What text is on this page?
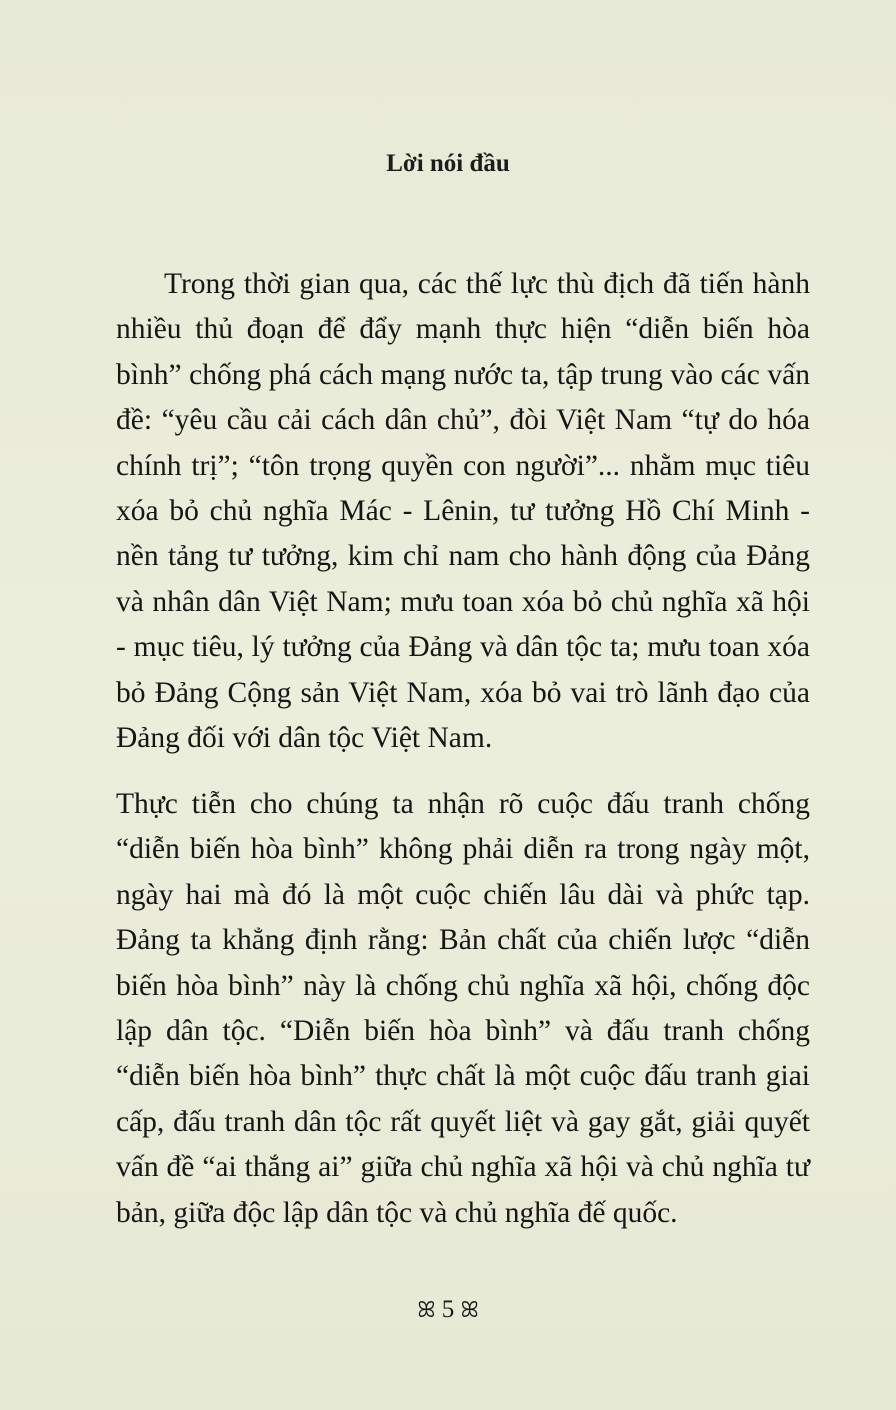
Lời nói đầu
Trong thời gian qua, các thế lực thù địch đã tiến hành
nhiều thủ đoạn để đẩy mạnh thực hiện “diễn biến hòa
bình” chống phá cách mạng nước ta, tập trung vào các vấn
đề: “yêu cầu cải cách dân chủ”, đòi Việt Nam “tự do hóa
chính trị”; “tôn trọng quyền con người”... nhằm mục tiêu
xóa bỏ chủ nghĩa Mác - Lênin, tư tưởng Hồ Chí Minh -
nền tảng tư tưởng, kim chỉ nam cho hành động của Đảng
và nhân dân Việt Nam; mưu toan xóa bỏ chủ nghĩa xã hội
- mục tiêu, lý tưởng của Đảng và dân tộc ta; mưu toan xóa
bỏ Đảng Cộng sản Việt Nam, xóa bỏ vai trò lãnh đạo của
Đảng đối với dân tộc Việt Nam.
Thực tiễn cho chúng ta nhận rõ cuộc đấu tranh chống
“diễn biến hòa bình” không phải diễn ra trong ngày một,
ngày hai mà đó là một cuộc chiến lâu dài và phức tạp.
Đảng ta khẳng định rằng: Bản chất của chiến lược “diễn
biến hòa bình” này là chống chủ nghĩa xã hội, chống độc
lập dân tộc. “Diễn biến hòa bình” và đấu tranh chống
“diễn biến hòa bình” thực chất là một cuộc đấu tranh giai
cấp, đấu tranh dân tộc rất quyết liệt và gay gắt, giải quyết
vấn đề “ai thắng ai” giữa chủ nghĩa xã hội và chủ nghĩa tư
bản, giữa độc lập dân tộc và chủ nghĩa đế quốc.
ꕤ 5 ꕤ
